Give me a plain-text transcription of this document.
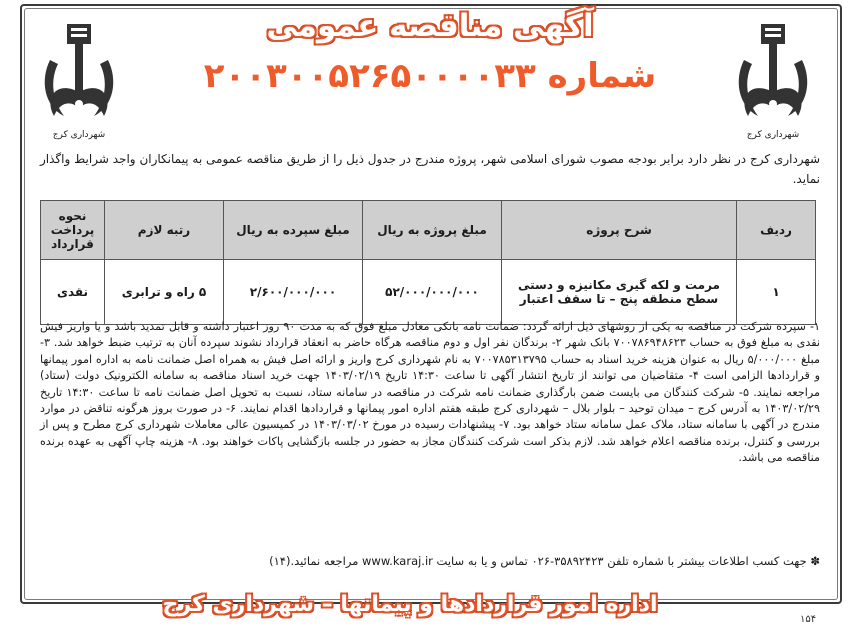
شهرداری کرج	شهرداری کرج
آگهی مناقصه عمومی
شماره ۲۰۰۳۰۰۵۲۶۵۰۰۰۰۳۳
شهرداری کرج در نظر دارد برابر بودجه مصوب شورای اسلامی شهر، پروژه مندرج در جدول ذیل را از طریق مناقصه عمومی به پیمانکاران واجد شرایط واگذار نماید.
ردیف	شرح پروژه	مبلغ پروژه به ریال	مبلغ سپرده به ریال	رتبه لازم	نحوه پرداخت قرارداد
۱	مرمت و لکه گیری مکانیزه و دستی سطح منطقه پنج – تا سقف اعتبار	۵۲/۰۰۰/۰۰۰/۰۰۰	۲/۶۰۰/۰۰۰/۰۰۰	۵ راه و ترابری	نقدی
۱- سپرده شرکت در مناقصه به یکی از روشهای ذیل ارائه گردد: ضمانت نامه بانکی معادل مبلغ فوق که به مدت ۹۰ روز اعتبار داشته و قابل تمدید باشد و یا واریز فیش نقدی به مبلغ فوق به حساب ۷۰۰۷۸۶۹۴۸۶۲۳ بانک شهر ۲- برندگان نفر اول و دوم مناقصه هرگاه حاضر به انعقاد قرارداد نشوند سپرده آنان به ترتیب ضبط خواهد شد. ۳- مبلغ ۵/۰۰۰/۰۰۰ ریال به عنوان هزینه خرید اسناد به حساب ۷۰۰۷۸۵۳۱۳۷۹۵ به نام شهرداری کرج واریز و ارائه اصل فیش به همراه اصل ضمانت نامه به اداره امور پیمانها و قراردادها الزامی است ۴- متقاضیان می توانند از تاریخ انتشار آگهی تا ساعت ۱۴:۳۰ تاریخ ۱۴۰۳/۰۲/۱۹ جهت خرید اسناد مناقصه به سامانه الکترونیک دولت (ستاد) مراجعه نمایند. ۵- شرکت کنندگان می بایست ضمن بارگذاری ضمانت نامه شرکت در مناقصه در سامانه ستاد، نسبت به تحویل اصل ضمانت نامه تا ساعت ۱۴:۳۰ تاریخ ۱۴۰۳/۰۲/۲۹ به آدرس کرج – میدان توحید – بلوار بلال – شهرداری کرج طبقه هفتم اداره امور پیمانها و قراردادها اقدام نمایند. ۶- در صورت بروز هرگونه تناقض در موارد مندرج در آگهی با سامانه ستاد، ملاک عمل سامانه ستاد خواهد بود. ۷- پیشنهادات رسیده در مورخ ۱۴۰۳/۰۳/۰۲ در کمیسیون عالی معاملات شهرداری کرج مطرح و پس از بررسی و کنترل، برنده مناقصه اعلام خواهد شد. لازم بذکر است شرکت کنندگان مجاز به حضور در جلسه بازگشایی پاکات خواهند بود. ۸- هزینه چاپ آگهی به عهده برنده مناقصه می باشد.
✽ جهت کسب اطلاعات بیشتر با شماره تلفن ۳۵۸۹۲۴۲۳-۰۲۶ تماس و یا به سایت www.karaj.ir مراجعه نمائید.(۱۴)
اداره امور قراردادها و پیمانها – شهرداری کرج
۱۵۴
